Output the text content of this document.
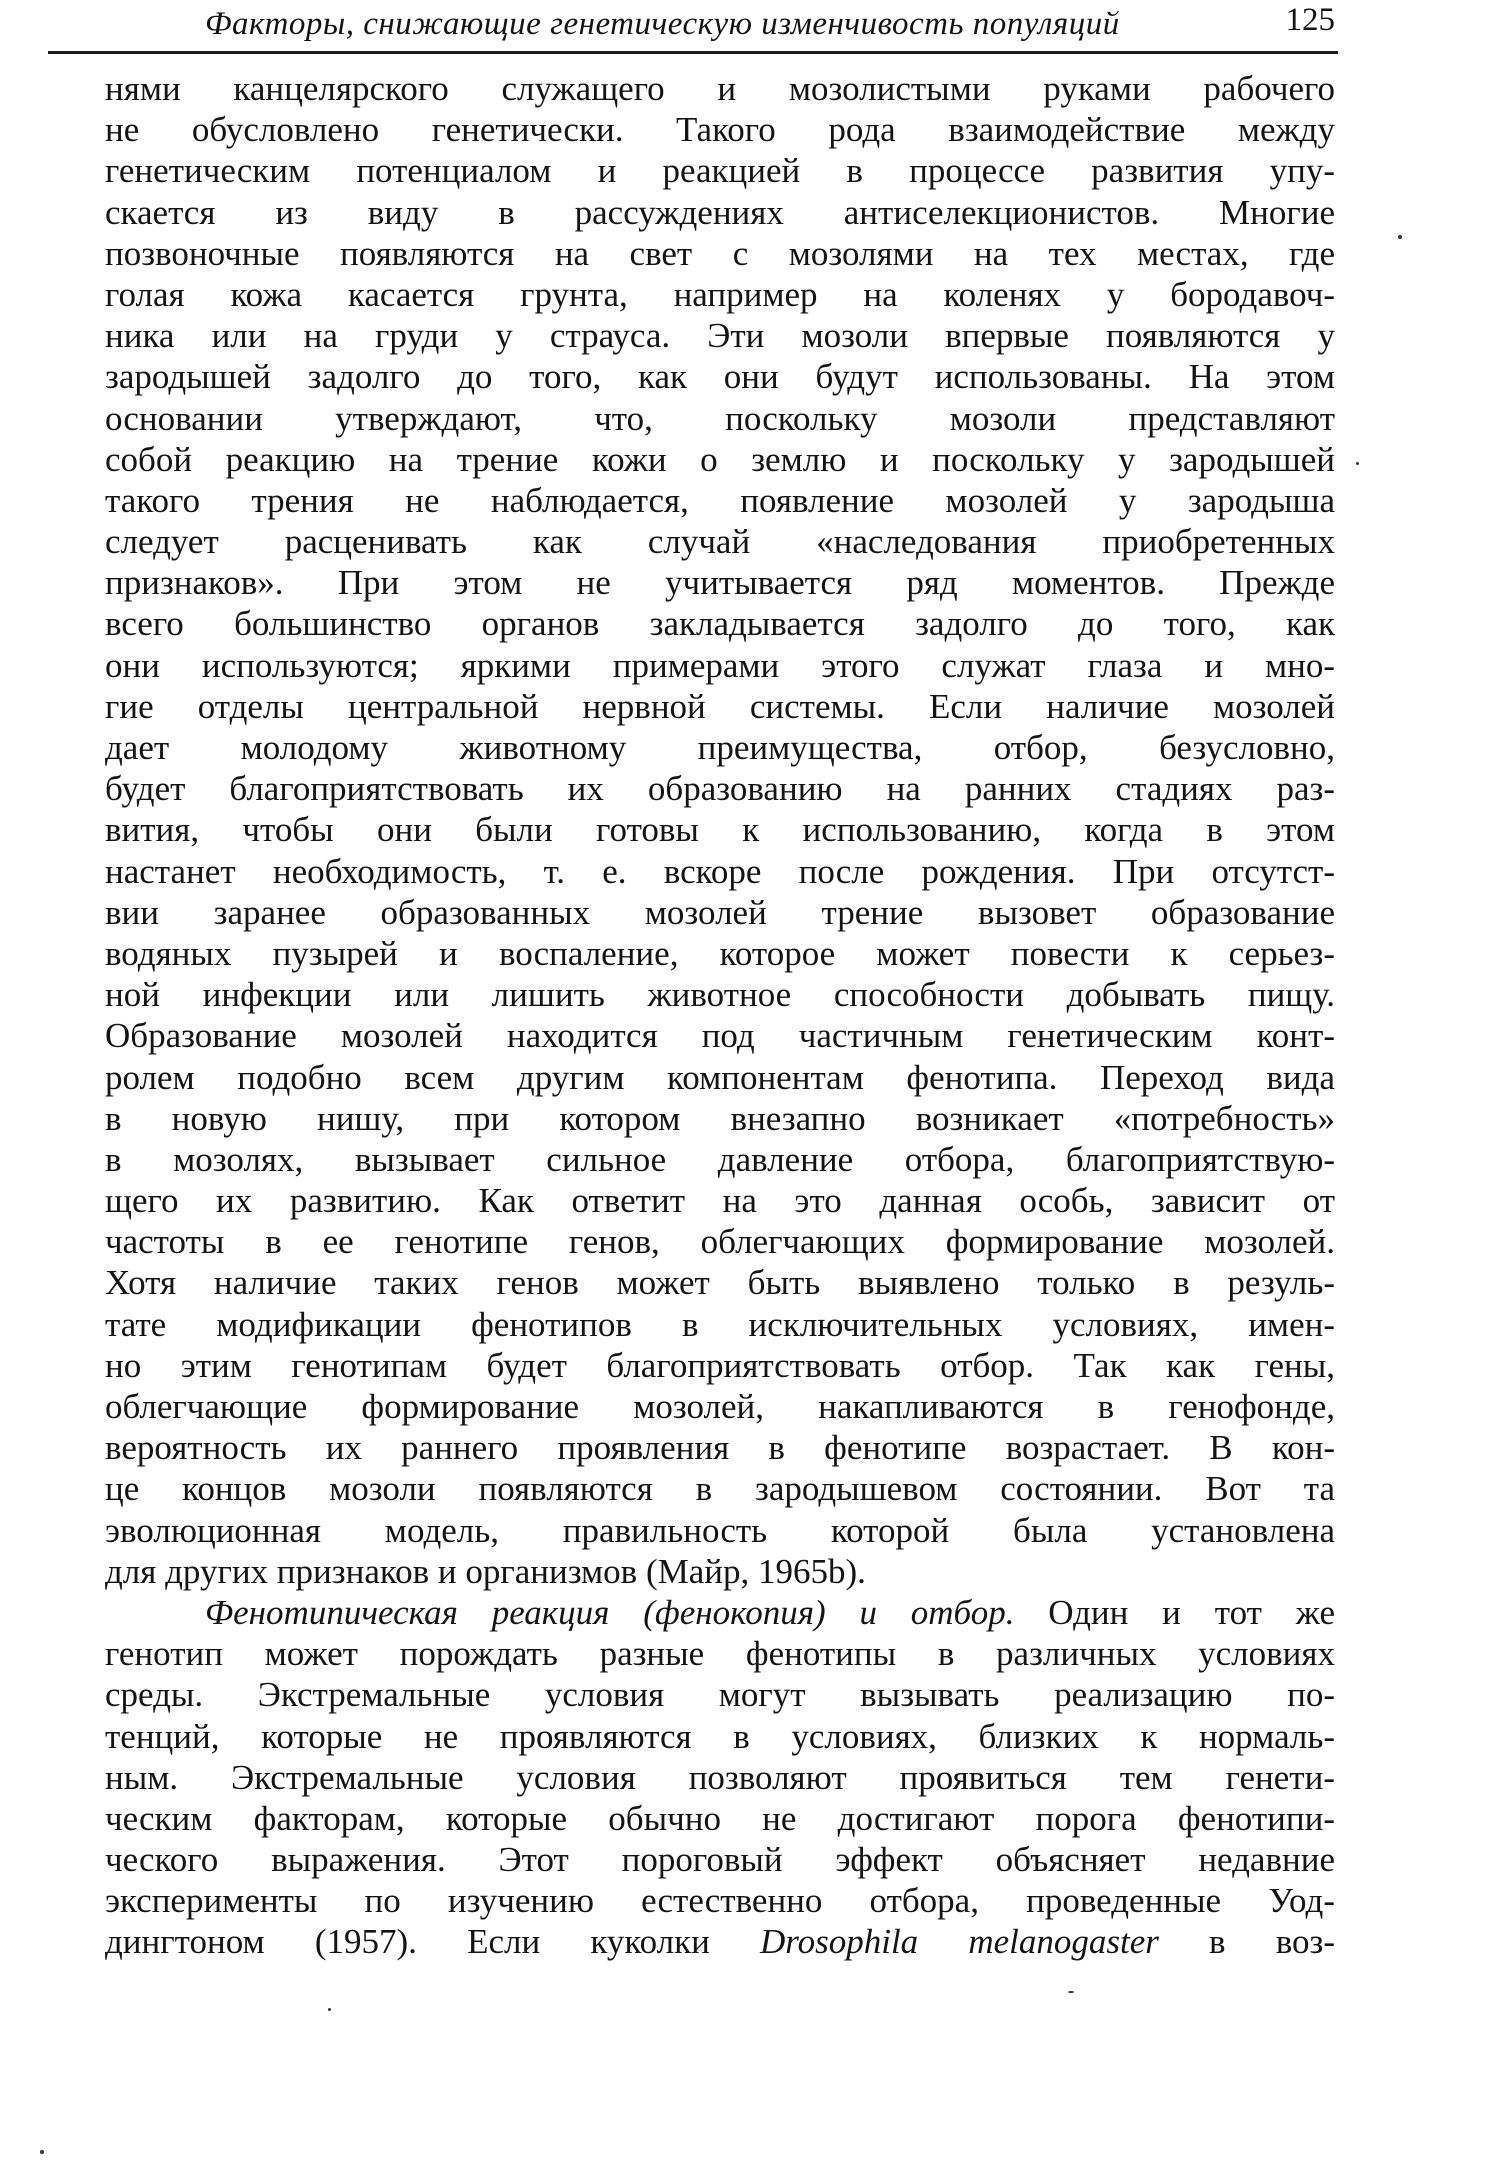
Факторы, снижающие генетическую изменчивость популяций	125
нями канцелярского служащего и мозолистыми руками рабочего
не обусловлено генетически. Такого рода взаимодействие между
генетическим потенциалом и реакцией в процессе развития упу-
скается из виду в рассуждениях антиселекционистов. Многие
позвоночные появляются на свет с мозолями на тех местах, где
голая кожа касается грунта, например на коленях у бородавоч-
ника или на груди у страуса. Эти мозоли впервые появляются у
зародышей задолго до того, как они будут использованы. На этом
основании утверждают, что, поскольку мозоли представляют
собой реакцию на трение кожи о землю и поскольку у зародышей
такого трения не наблюдается, появление мозолей у зародыша
следует расценивать как случай «наследования приобретенных
признаков». При этом не учитывается ряд моментов. Прежде
всего большинство органов закладывается задолго до того, как
они используются; яркими примерами этого служат глаза и мно-
гие отделы центральной нервной системы. Если наличие мозолей
дает молодому животному преимущества, отбор, безусловно,
будет благоприятствовать их образованию на ранних стадиях раз-
вития, чтобы они были готовы к использованию, когда в этом
настанет необходимость, т. е. вскоре после рождения. При отсутст-
вии заранее образованных мозолей трение вызовет образование
водяных пузырей и воспаление, которое может повести к серьез-
ной инфекции или лишить животное способности добывать пищу.
Образование мозолей находится под частичным генетическим конт-
ролем подобно всем другим компонентам фенотипа. Переход вида
в новую нишу, при котором внезапно возникает «потребность»
в мозолях, вызывает сильное давление отбора, благоприятствую-
щего их развитию. Как ответит на это данная особь, зависит от
частоты в ее генотипе генов, облегчающих формирование мозолей.
Хотя наличие таких генов может быть выявлено только в резуль-
тате модификации фенотипов в исключительных условиях, имен-
но этим генотипам будет благоприятствовать отбор. Так как гены,
облегчающие формирование мозолей, накапливаются в генофонде,
вероятность их раннего проявления в фенотипе возрастает. В кон-
це концов мозоли появляются в зародышевом состоянии. Вот та
эволюционная модель, правильность которой была установлена
для других признаков и организмов (Майр, 1965b).
Фенотипическая реакция (фенокопия) и отбор. Один и тот же
генотип может порождать разные фенотипы в различных условиях
среды. Экстремальные условия могут вызывать реализацию по-
тенций, которые не проявляются в условиях, близких к нормаль-
ным. Экстремальные условия позволяют проявиться тем генети-
ческим факторам, которые обычно не достигают порога фенотипи-
ческого выражения. Этот пороговый эффект объясняет недавние
эксперименты по изучению естественно отбора, проведенные Уод-
дингтоном (1957). Если куколки Drosophila melanogaster в воз-
